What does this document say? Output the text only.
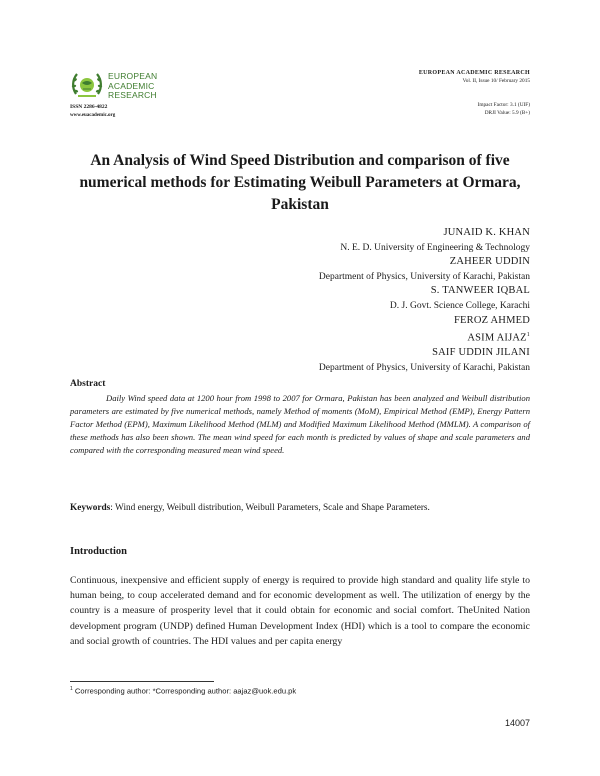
EUROPEAN
ACADEMIC
RESEARCH
ISSN 2286-4822
www.euacademic.org
EUROPEAN ACADEMIC RESEARCH
Vol. II, Issue 10/ February 2015
Impact Factor: 3.1 (UIF)
DRJI Value: 5.9 (B+)
An Analysis of Wind Speed Distribution and comparison of five numerical methods for Estimating Weibull Parameters at Ormara, Pakistan
JUNAID K. KHAN
N. E. D. University of Engineering & Technology
ZAHEER UDDIN
Department of Physics, University of Karachi, Pakistan
S. TANWEER IQBAL
D. J. Govt. Science College, Karachi
FEROZ AHMED
ASIM AIJAZ$^1$
SAIF UDDIN JILANI
Department of Physics, University of Karachi, Pakistan
Abstract

Daily Wind speed data at 1200 hour from 1998 to 2007 for Ormara, Pakistan has been analyzed and Weibull distribution parameters are estimated by five numerical methods, namely Method of moments (MoM), Empirical Method (EMP), Energy Pattern Factor Method (EPM), Maximum Likelihood Method (MLM) and Modified Maximum Likelihood Method (MMLM). A comparison of these methods has also been shown. The mean wind speed for each month is predicted by values of shape and scale parameters and compared with the corresponding measured mean wind speed.

Keywords: Wind energy, Weibull distribution, Weibull Parameters, Scale and Shape Parameters.
Introduction

Continuous, inexpensive and efficient supply of energy is required to provide high standard and quality life style to human being, to coup accelerated demand and for economic development as well. The utilization of energy by the country is a measure of prosperity level that it could obtain for economic and social comfort. TheUnited Nation development program (UNDP) defined Human Development Index (HDI) which is a tool to compare the economic and social growth of countries. The HDI values and per capita energy

$^1$ Corresponding author: *Corresponding author: aajaz@uok.edu.pk
14007
